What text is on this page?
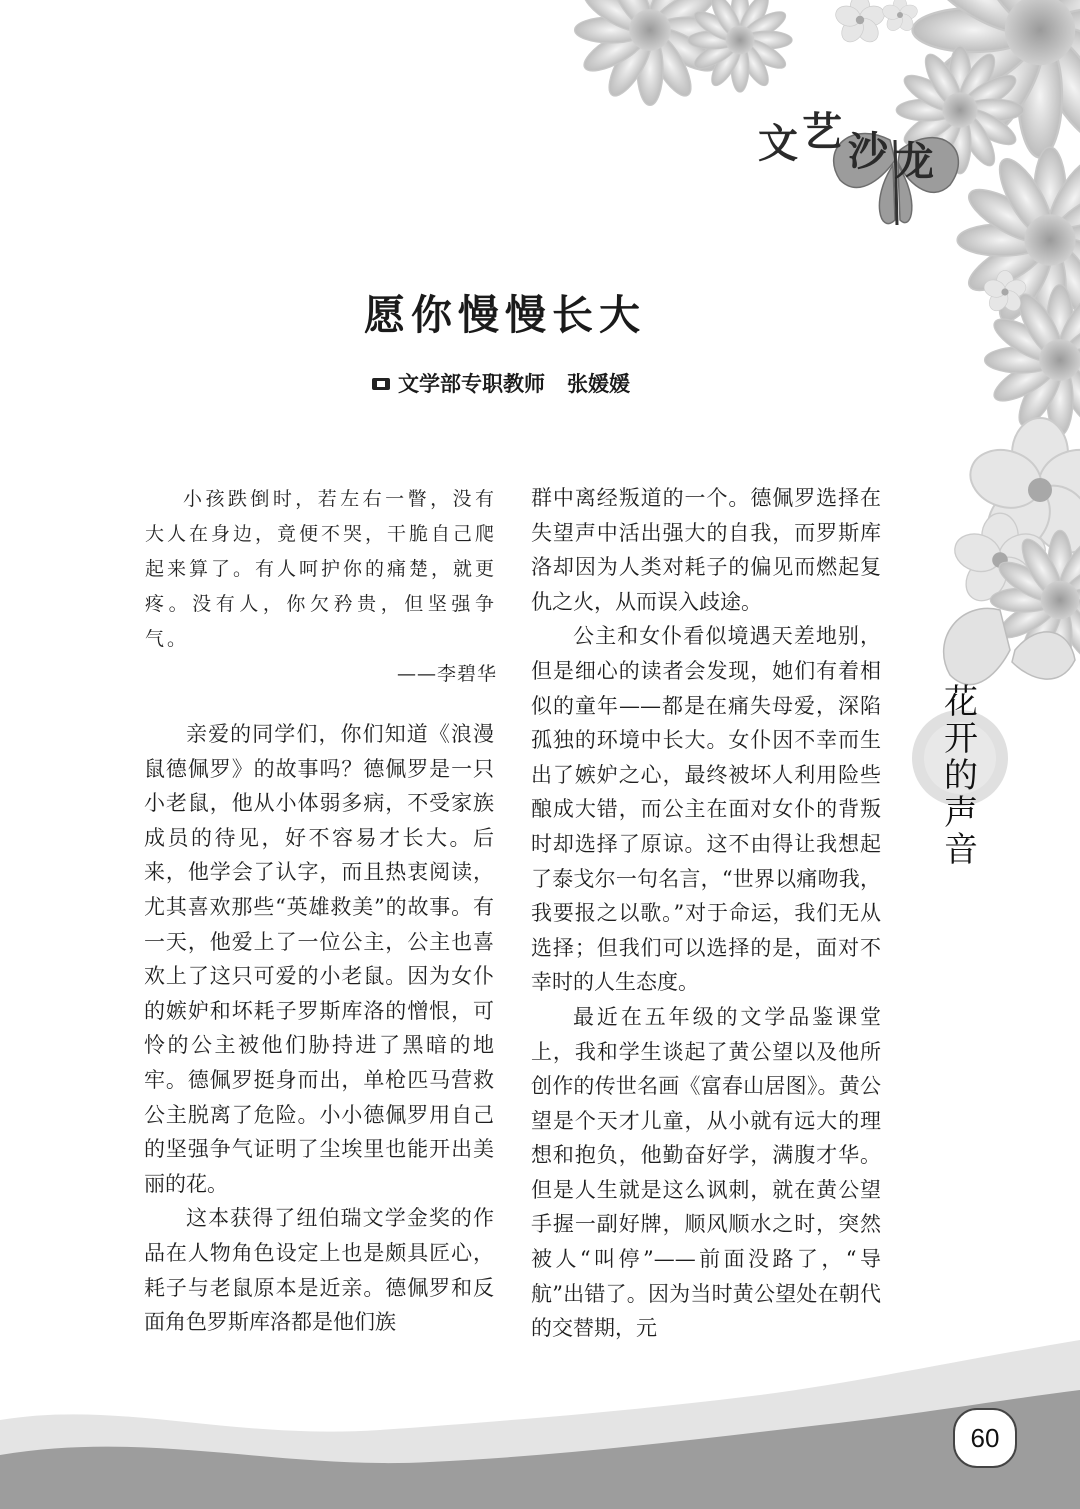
文 艺 沙 龙
花
开
的
声
音
愿你慢慢长大
文学部专职教师 张媛媛

小孩跌倒时，若左右一瞥，没有大人在身边，竟便不哭，干脆自己爬起来算了。有人呵护你的痛楚，就更疼。没有人，你欠矜贵，但坚强争气。

——李碧华

亲爱的同学们，你们知道《浪漫鼠德佩罗》的故事吗？德佩罗是一只小老鼠，他从小体弱多病，不受家族成员的待见，好不容易才长大。后来，他学会了认字，而且热衷阅读，尤其喜欢那些“英雄救美”的故事。有一天，他爱上了一位公主，公主也喜欢上了这只可爱的小老鼠。因为女仆的嫉妒和坏耗子罗斯库洛的憎恨，可怜的公主被他们胁持进了黑暗的地牢。德佩罗挺身而出，单枪匹马营救公主脱离了危险。小小德佩罗用自己的坚强争气证明了尘埃里也能开出美丽的花。

这本获得了纽伯瑞文学金奖的作品在人物角色设定上也是颇具匠心，耗子与老鼠原本是近亲。德佩罗和反面角色罗斯库洛都是他们族

群中离经叛道的一个。德佩罗选择在失望声中活出强大的自我，而罗斯库洛却因为人类对耗子的偏见而燃起复仇之火，从而误入歧途。

公主和女仆看似境遇天差地别，但是细心的读者会发现，她们有着相似的童年——都是在痛失母爱，深陷孤独的环境中长大。女仆因不幸而生出了嫉妒之心，最终被坏人利用险些酿成大错，而公主在面对女仆的背叛时却选择了原谅。这不由得让我想起了泰戈尔一句名言，“世界以痛吻我，我要报之以歌。”对于命运，我们无从选择；但我们可以选择的是，面对不幸时的人生态度。

最近在五年级的文学品鉴课堂上，我和学生谈起了黄公望以及他所创作的传世名画《富春山居图》。黄公望是个天才儿童，从小就有远大的理想和抱负，他勤奋好学，满腹才华。但是人生就是这么讽刺，就在黄公望手握一副好牌，顺风顺水之时，突然被人“叫停”——前面没路了，“导航”出错了。因为当时黄公望处在朝代的交替期，元

60
